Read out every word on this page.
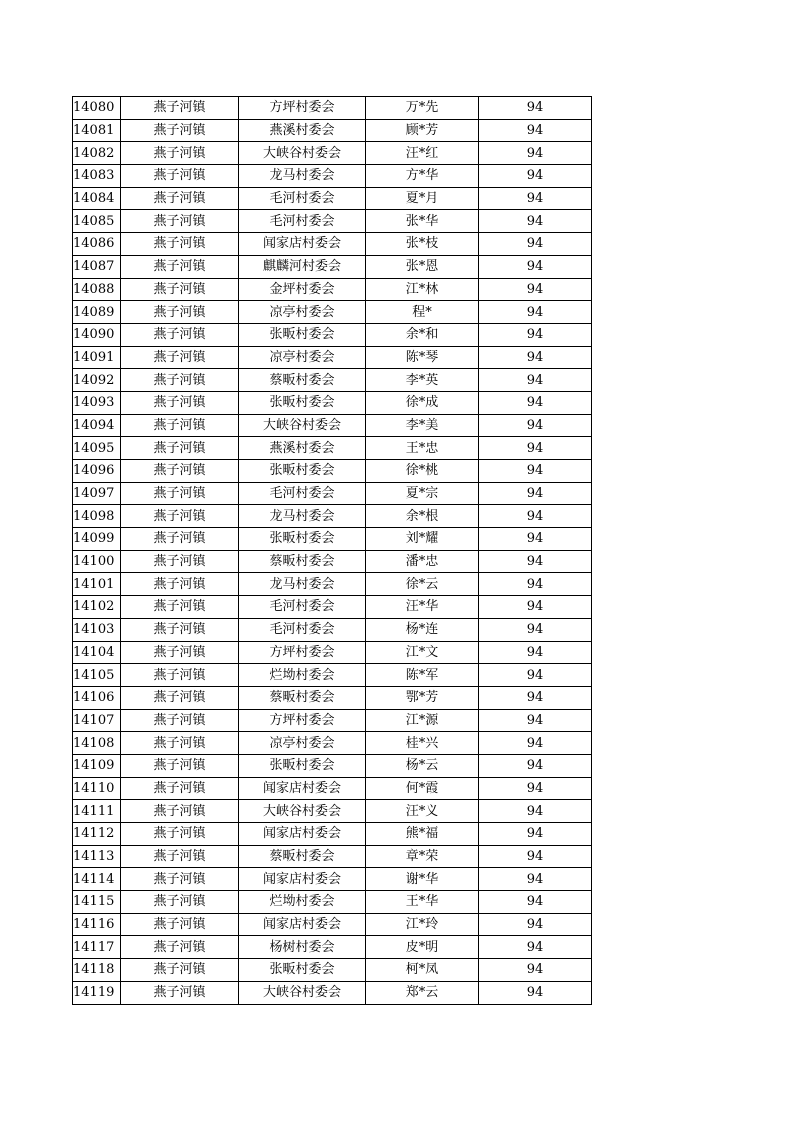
14080	燕子河镇	方坪村委会	万*先	94
14081	燕子河镇	燕溪村委会	顾*芳	94
14082	燕子河镇	大峡谷村委会	汪*红	94
14083	燕子河镇	龙马村委会	方*华	94
14084	燕子河镇	毛河村委会	夏*月	94
14085	燕子河镇	毛河村委会	张*华	94
14086	燕子河镇	闻家店村委会	张*枝	94
14087	燕子河镇	麒麟河村委会	张*恩	94
14088	燕子河镇	金坪村委会	江*林	94
14089	燕子河镇	凉亭村委会	程*	94
14090	燕子河镇	张畈村委会	余*和	94
14091	燕子河镇	凉亭村委会	陈*琴	94
14092	燕子河镇	蔡畈村委会	李*英	94
14093	燕子河镇	张畈村委会	徐*成	94
14094	燕子河镇	大峡谷村委会	李*美	94
14095	燕子河镇	燕溪村委会	王*忠	94
14096	燕子河镇	张畈村委会	徐*桃	94
14097	燕子河镇	毛河村委会	夏*宗	94
14098	燕子河镇	龙马村委会	余*根	94
14099	燕子河镇	张畈村委会	刘*耀	94
14100	燕子河镇	蔡畈村委会	潘*忠	94
14101	燕子河镇	龙马村委会	徐*云	94
14102	燕子河镇	毛河村委会	汪*华	94
14103	燕子河镇	毛河村委会	杨*连	94
14104	燕子河镇	方坪村委会	江*文	94
14105	燕子河镇	烂坳村委会	陈*军	94
14106	燕子河镇	蔡畈村委会	鄂*芳	94
14107	燕子河镇	方坪村委会	江*源	94
14108	燕子河镇	凉亭村委会	桂*兴	94
14109	燕子河镇	张畈村委会	杨*云	94
14110	燕子河镇	闻家店村委会	何*霞	94
14111	燕子河镇	大峡谷村委会	汪*义	94
14112	燕子河镇	闻家店村委会	熊*福	94
14113	燕子河镇	蔡畈村委会	章*荣	94
14114	燕子河镇	闻家店村委会	谢*华	94
14115	燕子河镇	烂坳村委会	王*华	94
14116	燕子河镇	闻家店村委会	江*玲	94
14117	燕子河镇	杨树村委会	皮*明	94
14118	燕子河镇	张畈村委会	柯*凤	94
14119	燕子河镇	大峡谷村委会	郑*云	94
